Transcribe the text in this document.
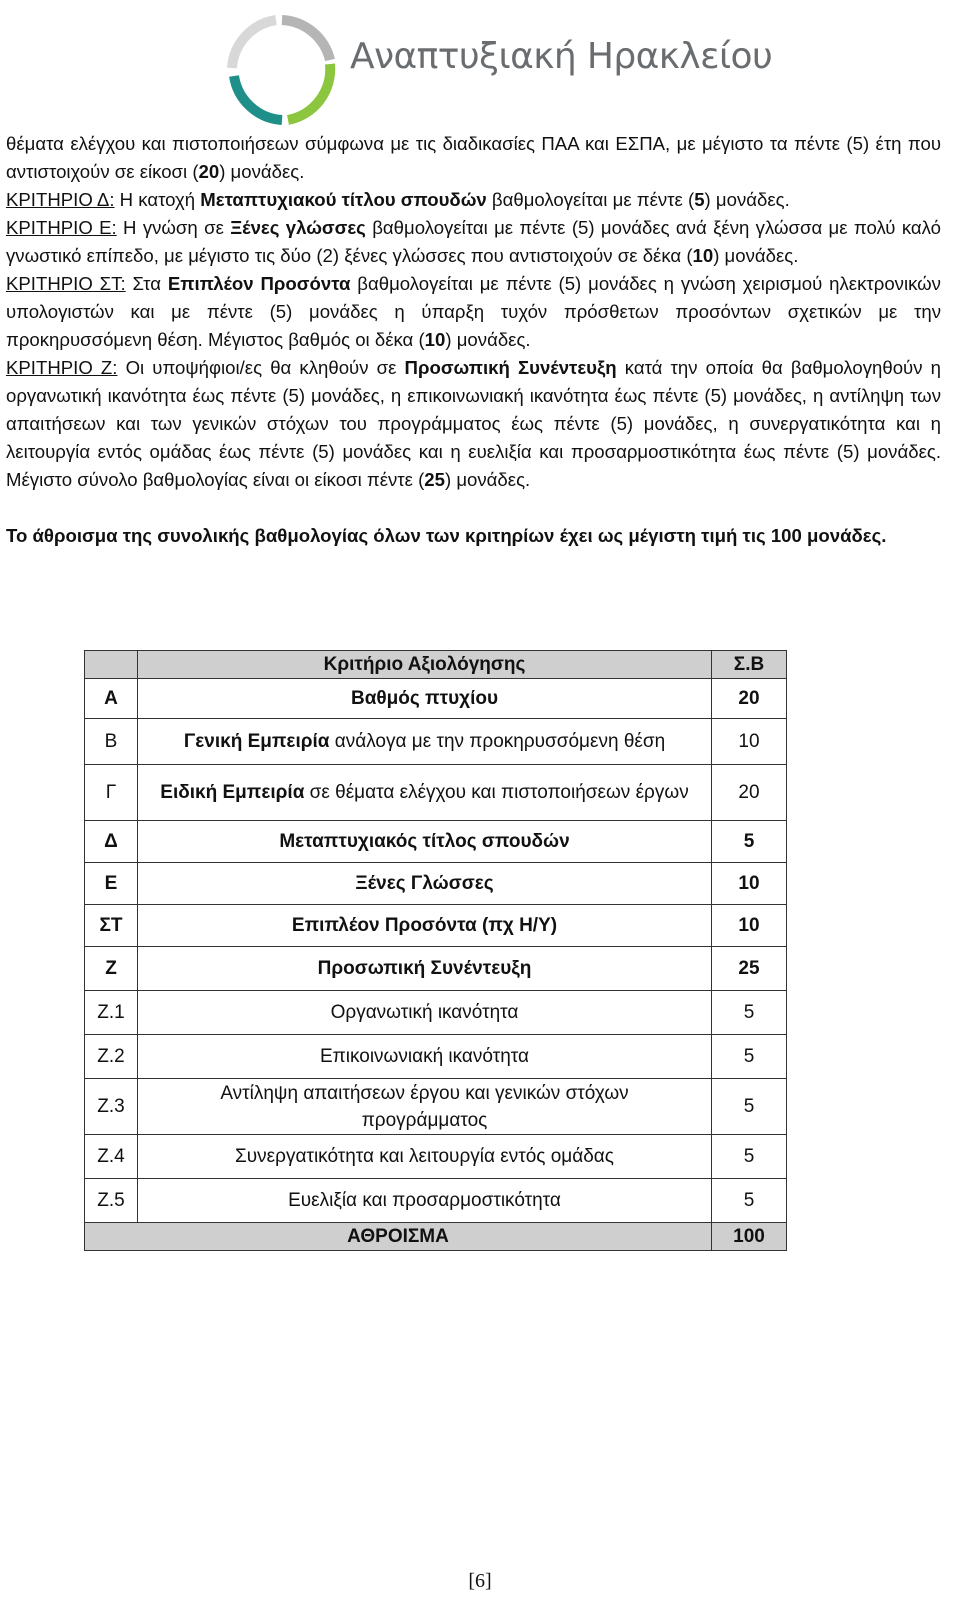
Αναπτυξιακή Ηρακλείου

θέματα ελέγχου και πιστοποιήσεων σύμφωνα με τις διαδικασίες ΠΑΑ και ΕΣΠΑ, με μέγιστο τα πέντε (5) έτη που αντιστοιχούν σε είκοσι (20) μονάδες.

ΚΡΙΤΗΡΙΟ Δ: Η κατοχή Μεταπτυχιακού τίτλου σπουδών βαθμολογείται με πέντε (5) μονάδες.

ΚΡΙΤΗΡΙΟ Ε: Η γνώση σε Ξένες γλώσσες βαθμολογείται με πέντε (5) μονάδες ανά ξένη γλώσσα με πολύ καλό γνωστικό επίπεδο, με μέγιστο τις δύο (2) ξένες γλώσσες που αντιστοιχούν σε δέκα (10) μονάδες.

ΚΡΙΤΗΡΙΟ ΣΤ: Στα Επιπλέον Προσόντα βαθμολογείται με πέντε (5) μονάδες η γνώση χειρισμού ηλεκτρονικών υπολογιστών και με πέντε (5) μονάδες η ύπαρξη τυχόν πρόσθετων προσόντων σχετικών με την προκηρυσσόμενη θέση. Μέγιστος βαθμός οι δέκα (10) μονάδες.

ΚΡΙΤΗΡΙΟ Ζ: Οι υποψήφιοι/ες θα κληθούν σε Προσωπική Συνέντευξη κατά την οποία θα βαθμολογηθούν η οργανωτική ικανότητα έως πέντε (5) μονάδες, η επικοινωνιακή ικανότητα έως πέντε (5) μονάδες, η αντίληψη των απαιτήσεων και των γενικών στόχων του προγράμματος έως πέντε (5) μονάδες, η συνεργατικότητα και η λειτουργία εντός ομάδας έως πέντε (5) μονάδες και η ευελιξία και προσαρμοστικότητα έως πέντε (5) μονάδες. Μέγιστο σύνολο βαθμολογίας είναι οι είκοσι πέντε (25) μονάδες.

Το άθροισμα της συνολικής βαθμολογίας όλων των κριτηρίων έχει ως μέγιστη τιμή τις 100 μονάδες.

	Κριτήριο Αξιολόγησης	Σ.Β
Α	Βαθμός πτυχίου	20
Β	Γενική Εμπειρία ανάλογα με την προκηρυσσόμενη θέση	10
Γ	Ειδική Εμπειρία σε θέματα ελέγχου και πιστοποιήσεων έργων	20
Δ	Μεταπτυχιακός τίτλος σπουδών	5
Ε	Ξένες Γλώσσες	10
ΣΤ	Επιπλέον Προσόντα (πχ Η/Υ)	10
Ζ	Προσωπική Συνέντευξη	25
Ζ.1	Οργανωτική ικανότητα	5
Ζ.2	Επικοινωνιακή ικανότητα	5
Ζ.3	Αντίληψη απαιτήσεων έργου και γενικών στόχων προγράμματος	5
Ζ.4	Συνεργατικότητα και λειτουργία εντός ομάδας	5
Ζ.5	Ευελιξία και προσαρμοστικότητα	5
ΑΘΡΟΙΣΜΑ		100
[6]
